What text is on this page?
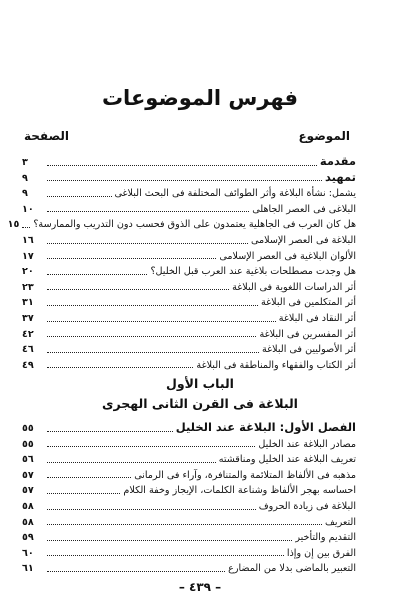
فهرس الموضوعات
الموضوع
الصفحة
مقدمة
٣
تمهيد
٩
يشمل: نشأة البلاغة وأثر الطوائف المختلفة فى البحث البلاغى
٩
البلاغى فى العصر الجاهلى
١٠
هل كان العرب فى الجاهلية يعتمدون على الذوق فحسب دون التدريب والممارسة؟
١٥
البلاغة فى العصر الإسلامى
١٦
الألوان البلاغية فى العصر الإسلامى
١٧
هل وجدت مصطلحات بلاغية عند العرب قبل الخليل؟
٢٠
أثر الدراسات اللغوية فى البلاغة
٢٣
أثر المتكلمين فى البلاغة
٣١
أثر النقاد فى البلاغة
٣٧
أثر المفسرين فى البلاغة
٤٢
أثر الأصوليين فى البلاغة
٤٦
أثر الكتاب والفقهاء والمناطقة فى البلاغة
٤٩
الباب الأول
البلاغة فى القرن الثانى الهجرى
الفصل الأول: البلاغة عند الخليل
٥٥
مصادر البلاغة عند الخليل
٥٥
تعريف البلاغة عند الخليل ومناقشته
٥٦
مذهبه فى الألفاظ المتلائمة والمتنافرة، وآراء فى الرمانى
٥٧
احساسه بهجر الألفاظ وشناعة الكلمات، الإيجاز وخفة الكلام
٥٧
البلاغة فى زيادة الحروف
٥٨
التعريف
٥٨
التقديم والتأخير
٥٩
الفرق بين إن وإذا
٦٠
التعبير بالماضى بدلا من المضارع
٦١
– ٤٣٩ –
